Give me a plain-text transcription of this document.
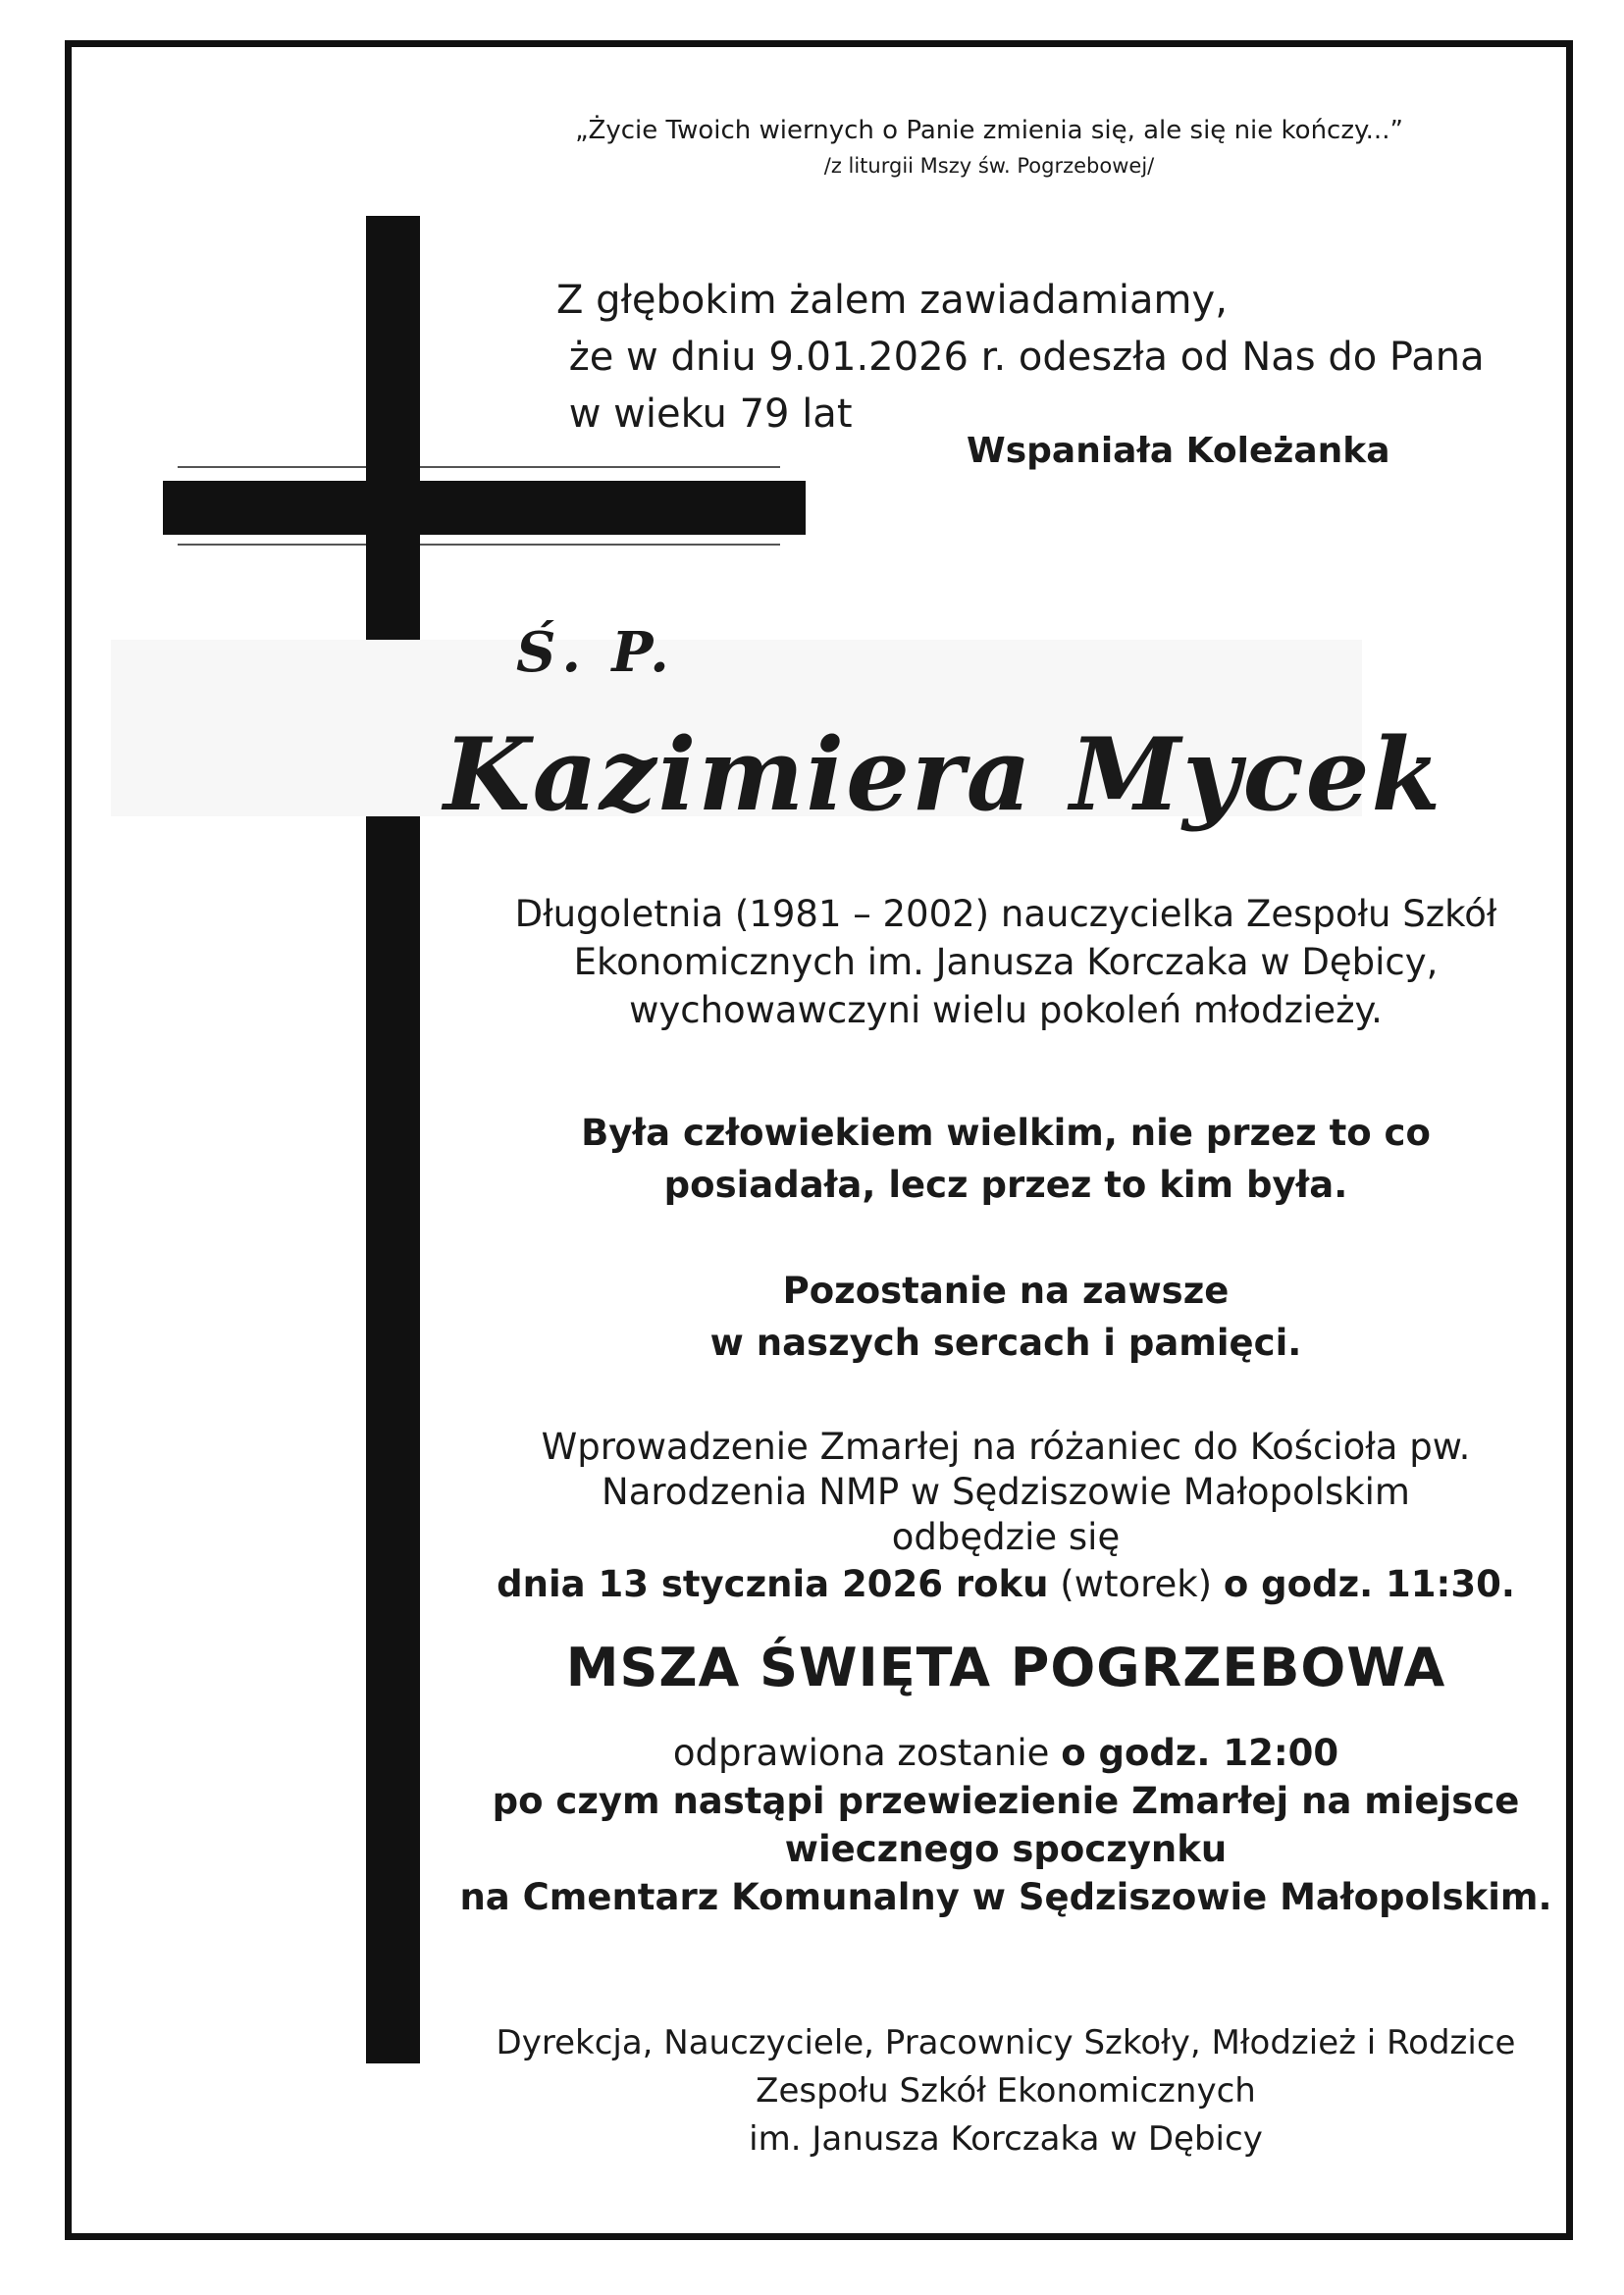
„Życie Twoich wiernych o Panie zmienia się, ale się nie kończy...”

/z liturgii Mszy św. Pogrzebowej/

Z głębokim żalem zawiadamiamy,
że w dniu 9.01.2026 r. odeszła od Nas do Pana
w wieku 79 lat

Wspaniała Koleżanka

Ś. P.

Kazimiera Mycek

Długoletnia (1981 – 2002) nauczycielka Zespołu Szkół
Ekonomicznych im. Janusza Korczaka w Dębicy,
wychowawczyni wielu pokoleń młodzieży.
Była człowiekiem wielkim, nie przez to co
posiadała, lecz przez to kim była.
Pozostanie na zawsze
w naszych sercach i pamięci.
Wprowadzenie Zmarłej na różaniec do Kościoła pw.
Narodzenia NMP w Sędziszowie Małopolskim
odbędzie się
dnia 13 stycznia 2026 roku (wtorek) o godz. 11:30.

MSZA ŚWIĘTA POGRZEBOWA

odprawiona zostanie o godz. 12:00
po czym nastąpi przewiezienie Zmarłej na miejsce
wiecznego spoczynku
na Cmentarz Komunalny w Sędziszowie Małopolskim.
Dyrekcja, Nauczyciele, Pracownicy Szkoły, Młodzież i Rodzice
Zespołu Szkół Ekonomicznych
im. Janusza Korczaka w Dębicy
